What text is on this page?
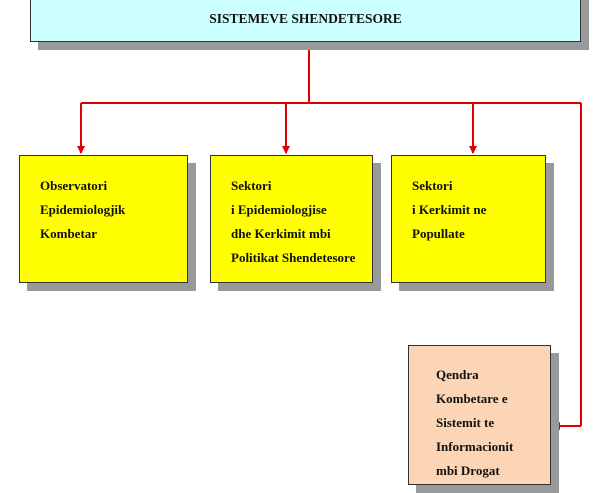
SISTEMEVE SHENDETESORE
Observatori
Epidemiologjik
Kombetar
Sektori
i Epidemiologjise
dhe Kerkimit mbi
Politikat Shendetesore
Sektori
i Kerkimit ne
Popullate
Qendra
Kombetare e
Sistemit te
Informacionit
mbi Drogat
